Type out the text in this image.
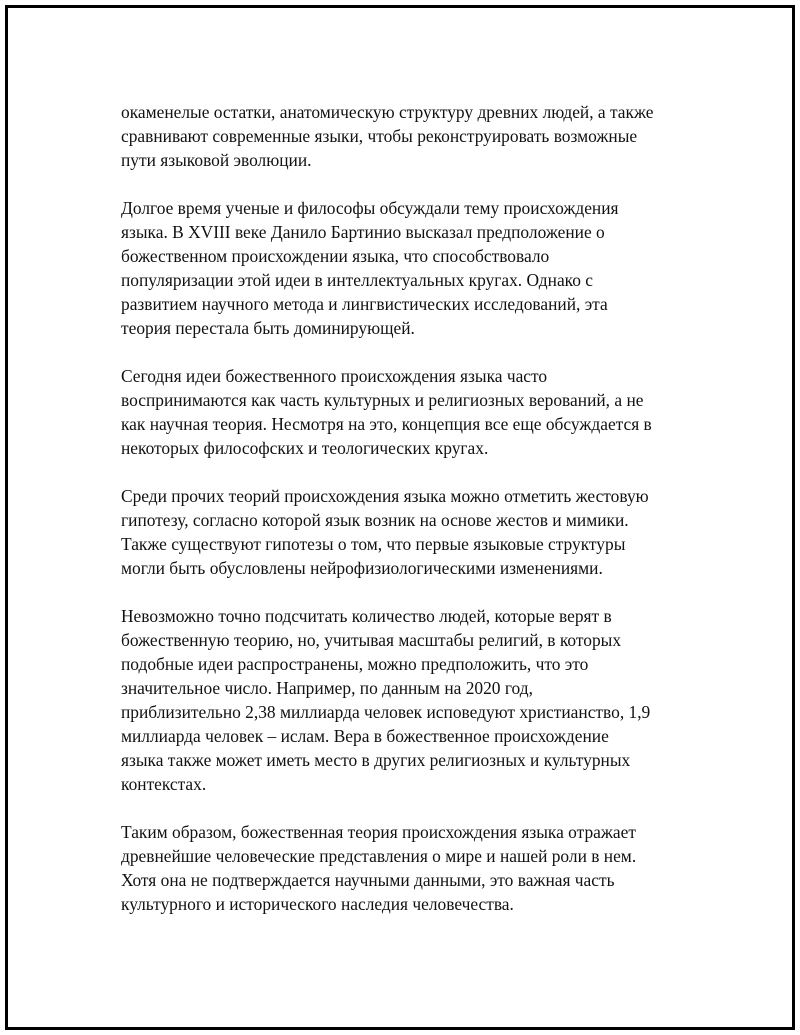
окаменелые остатки, анатомическую структуру древних людей, а также
сравнивают современные языки, чтобы реконструировать возможные
пути языковой эволюции.
Долгое время ученые и философы обсуждали тему происхождения
языка. В XVIII веке Данило Бартинио высказал предположение о
божественном происхождении языка, что способствовало
популяризации этой идеи в интеллектуальных кругах. Однако с
развитием научного метода и лингвистических исследований, эта
теория перестала быть доминирующей.
Сегодня идеи божественного происхождения языка часто
воспринимаются как часть культурных и религиозных верований, а не
как научная теория. Несмотря на это, концепция все еще обсуждается в
некоторых философских и теологических кругах.
Среди прочих теорий происхождения языка можно отметить жестовую
гипотезу, согласно которой язык возник на основе жестов и мимики.
Также существуют гипотезы о том, что первые языковые структуры
могли быть обусловлены нейрофизиологическими изменениями.
Невозможно точно подсчитать количество людей, которые верят в
божественную теорию, но, учитывая масштабы религий, в которых
подобные идеи распространены, можно предположить, что это
значительное число. Например, по данным на 2020 год,
приблизительно 2,38 миллиарда человек исповедуют христианство, 1,9
миллиарда человек – ислам. Вера в божественное происхождение
языка также может иметь место в других религиозных и культурных
контекстах.
Таким образом, божественная теория происхождения языка отражает
древнейшие человеческие представления о мире и нашей роли в нем.
Хотя она не подтверждается научными данными, это важная часть
культурного и исторического наследия человечества.
